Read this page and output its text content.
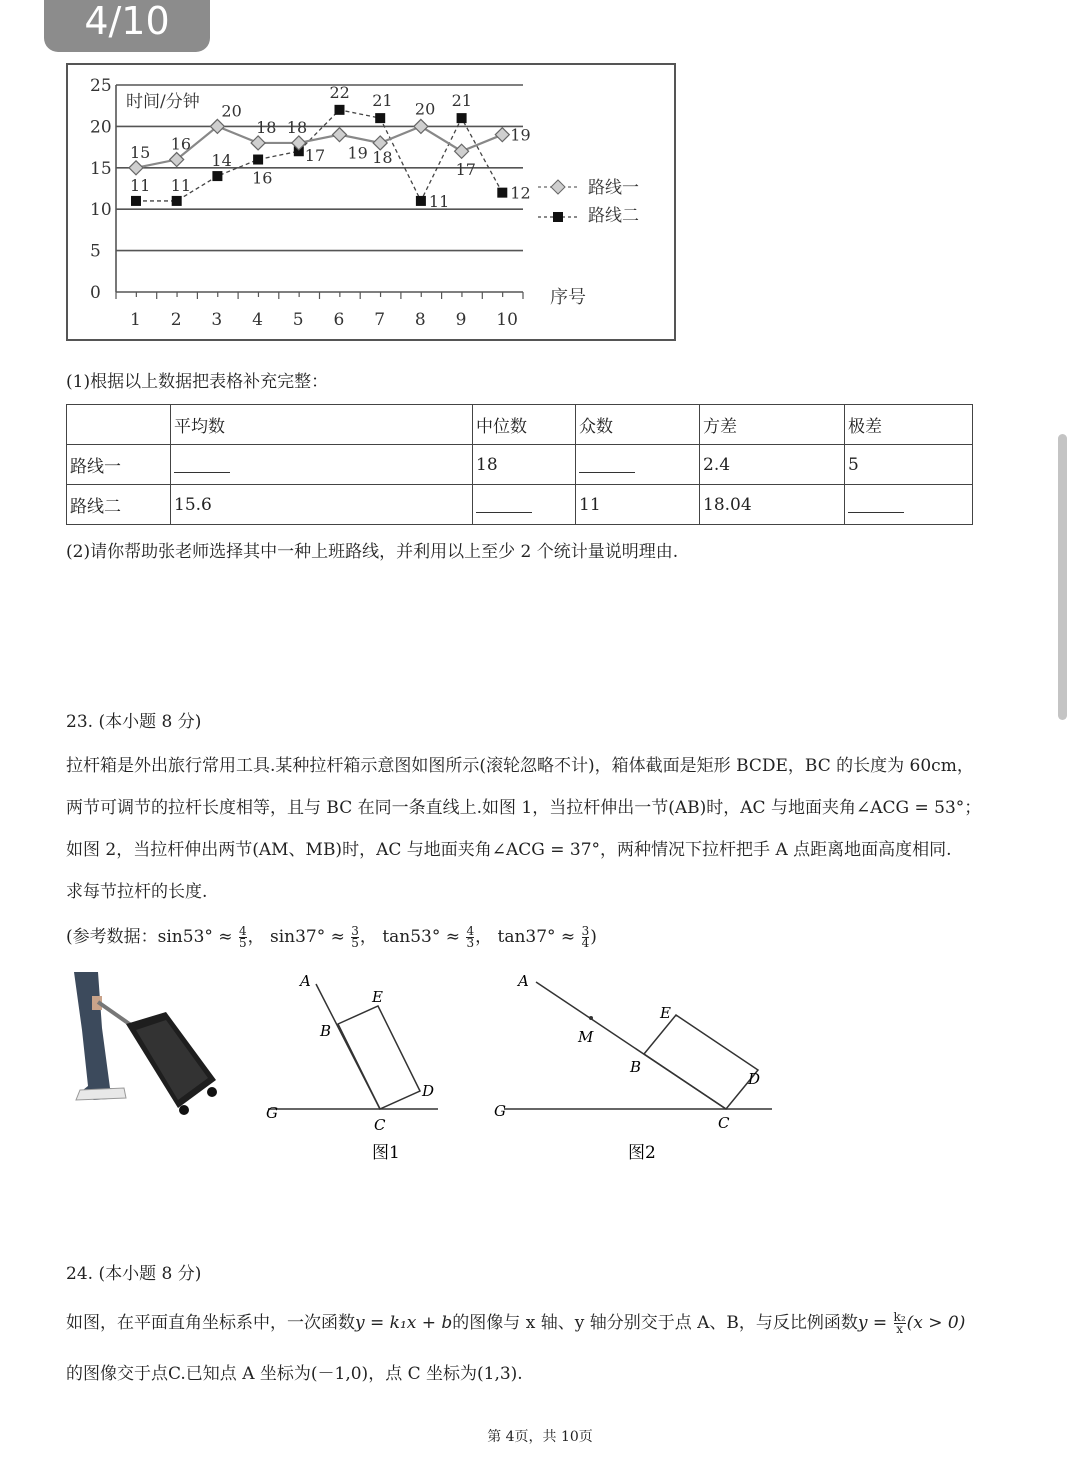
4/10
0
5
10
15
20
25
1 2 3 4 5 6 7 8 9 10
时间/分钟
序号
15 16
20
18 18
19 18
20
17
19
11 11
14
16
17
22 21
11
21
12	路线一
路线二
(1)根据以上数据把表格补充完整：
	平均数	中位数	众数	方差	极差
路线一		18		2.4	5
路线二	15.6		11	18.04	
(2)请你帮助张老师选择其中一种上班路线，并利用以上至少 2 个统计量说明理由.
23. (本小题 8 分)
拉杆箱是外出旅行常用工具.某种拉杆箱示意图如图所示(滚轮忽略不计)，箱体截面是矩形 BCDE，BC 的长度为 60cm，
两节可调节的拉杆长度相等，且与 BC 在同一条直线上.如图 1，当拉杆伸出一节(AB)时，AC 与地面夹角∠ACG = 53°；
如图 2，当拉杆伸出两节(AM、MB)时，AC 与地面夹角∠ACG = 37°，两种情况下拉杆把手 A 点距离地面高度相同.
求每节拉杆的长度.
(参考数据：$\sin 53^\circ \approx \frac{4}{5}$ ， $\sin 37^\circ \approx \frac{3}{5}$ ， $\tan 53^\circ \approx \frac{4}{3}$ ， $\tan 37^\circ \approx \frac{3}{4}$ )
A
B
E
D
C
G
图1
A
M
B
E
D
C
G
图2
24. (本小题 8 分)
如图，在平面直角坐标系中，一次函数y = k₁x + b的图像与 x 轴、y 轴分别交于点 A、B，与反比例函数$y = \frac{\text{k₂}}{x} (x > 0)$
的图像交于点C.已知点 A 坐标为(－1,0)，点 C 坐标为(1,3).
第 4页，共 10页
